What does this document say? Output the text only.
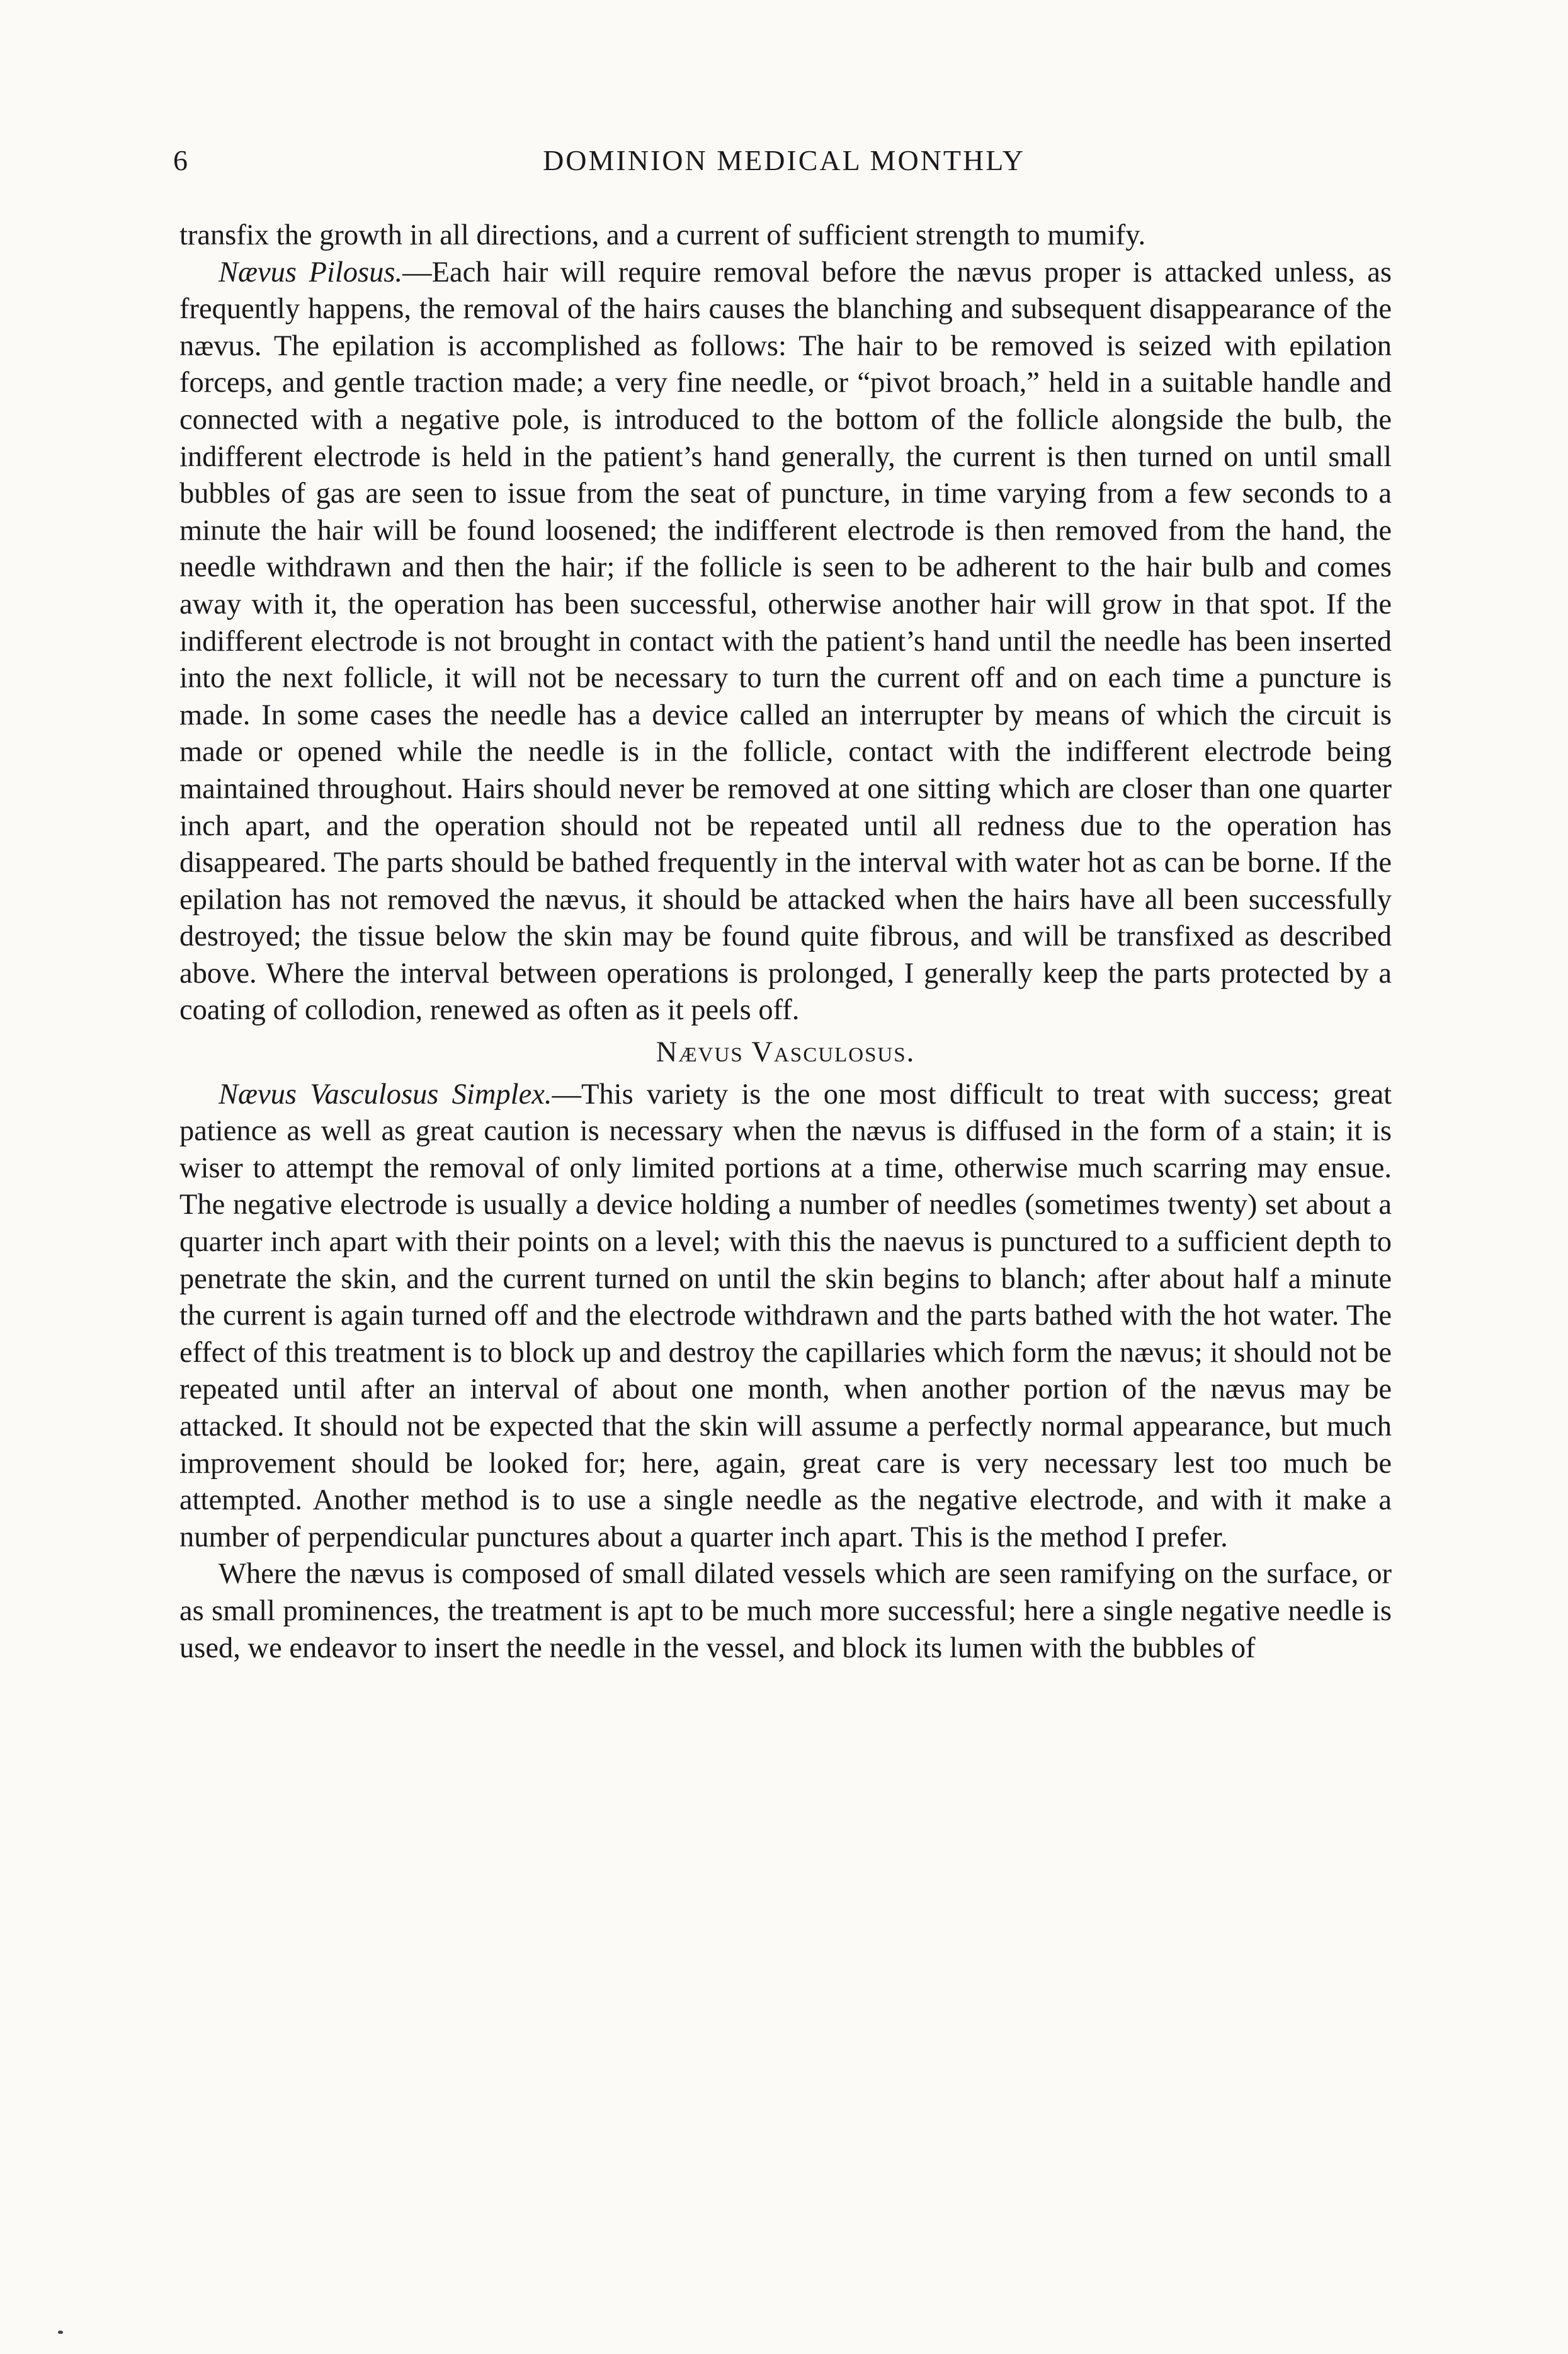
6	DOMINION MEDICAL MONTHLY

transfix the growth in all directions, and a current of sufficient strength to mumify.

Nævus Pilosus.—Each hair will require removal before the nævus proper is attacked unless, as frequently happens, the removal of the hairs causes the blanching and subsequent disappearance of the nævus. The epilation is accomplished as follows: The hair to be removed is seized with epilation forceps, and gentle traction made; a very fine needle, or “pivot broach,” held in a suitable handle and connected with a negative pole, is introduced to the bottom of the follicle alongside the bulb, the indifferent electrode is held in the patient’s hand generally, the current is then turned on until small bubbles of gas are seen to issue from the seat of puncture, in time varying from a few seconds to a minute the hair will be found loosened; the indifferent electrode is then removed from the hand, the needle withdrawn and then the hair; if the follicle is seen to be adherent to the hair bulb and comes away with it, the operation has been successful, otherwise another hair will grow in that spot. If the indifferent electrode is not brought in contact with the patient’s hand until the needle has been inserted into the next follicle, it will not be necessary to turn the current off and on each time a puncture is made. In some cases the needle has a device called an interrupter by means of which the circuit is made or opened while the needle is in the follicle, contact with the indifferent electrode being maintained throughout. Hairs should never be removed at one sitting which are closer than one quarter inch apart, and the operation should not be repeated until all redness due to the operation has disappeared. The parts should be bathed frequently in the interval with water hot as can be borne. If the epilation has not removed the nævus, it should be attacked when the hairs have all been successfully destroyed; the tissue below the skin may be found quite fibrous, and will be transfixed as described above. Where the interval between operations is prolonged, I generally keep the parts protected by a coating of collodion, renewed as often as it peels off.

Nævus Vasculosus.

Nævus Vasculosus Simplex.—This variety is the one most difficult to treat with success; great patience as well as great caution is necessary when the nævus is diffused in the form of a stain; it is wiser to attempt the removal of only limited portions at a time, otherwise much scarring may ensue. The negative electrode is usually a device holding a number of needles (sometimes twenty) set about a quarter inch apart with their points on a level; with this the naevus is punctured to a sufficient depth to penetrate the skin, and the current turned on until the skin begins to blanch; after about half a minute the current is again turned off and the electrode withdrawn and the parts bathed with the hot water. The effect of this treatment is to block up and destroy the capillaries which form the nævus; it should not be repeated until after an interval of about one month, when another portion of the nævus may be attacked. It should not be expected that the skin will assume a perfectly normal appearance, but much improvement should be looked for; here, again, great care is very necessary lest too much be attempted. Another method is to use a single needle as the negative electrode, and with it make a number of perpendicular punctures about a quarter inch apart. This is the method I prefer.

Where the nævus is composed of small dilated vessels which are seen ramifying on the surface, or as small prominences, the treatment is apt to be much more successful; here a single negative needle is used, we endeavor to insert the needle in the vessel, and block its lumen with the bubbles of
